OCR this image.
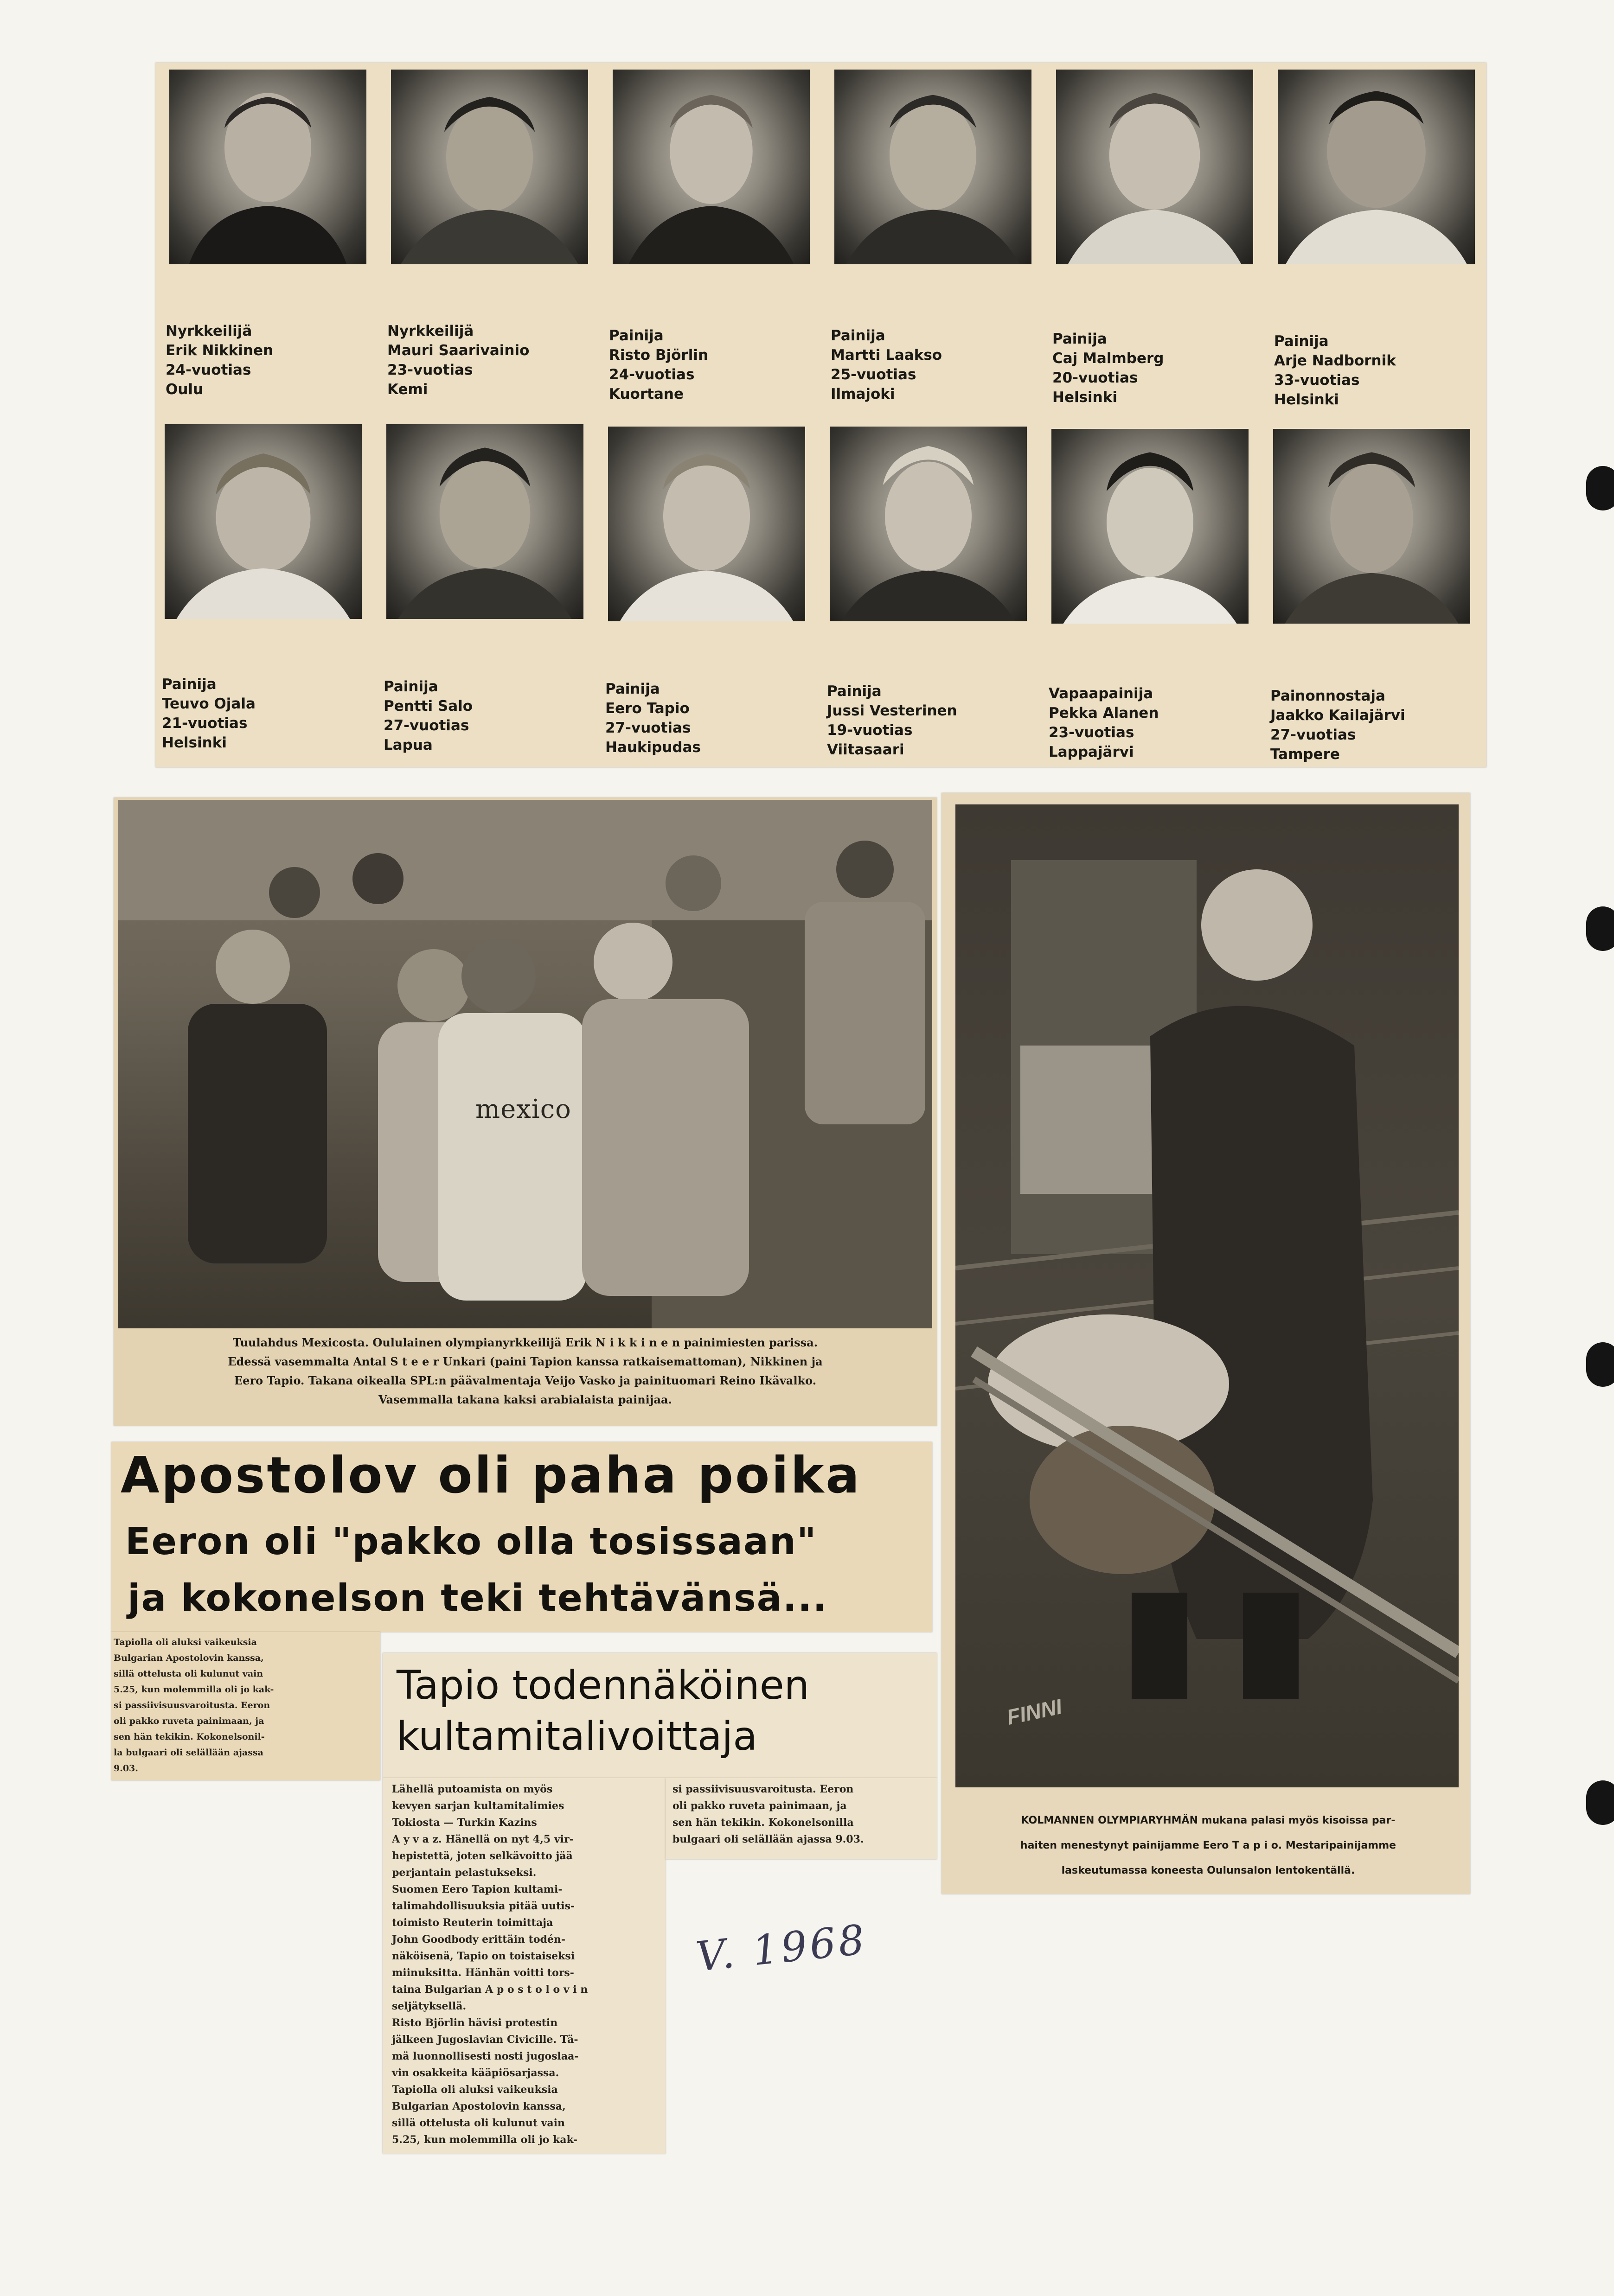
Nyrkkeilijä
Erik Nikkinen
24-vuotias
Oulu
Nyrkkeilijä
Mauri Saarivainio
23-vuotias
Kemi
Painija
Risto Björlin
24-vuotias
Kuortane
Painija
Martti Laakso
25-vuotias
Ilmajoki
Painija
Caj Malmberg
20-vuotias
Helsinki
Painija
Arje Nadbornik
33-vuotias
Helsinki
Painija
Teuvo Ojala
21-vuotias
Helsinki
Painija
Pentti Salo
27-vuotias
Lapua
Painija
Eero Tapio
27-vuotias
Haukipudas
Painija
Jussi Vesterinen
19-vuotias
Viitasaari
Vapaapainija
Pekka Alanen
23-vuotias
Lappajärvi
Painonnostaja
Jaakko Kailajärvi
27-vuotias
Tampere
mexico
Tuulahdus Mexicosta. Oululainen olympianyrkkeilijä Erik N i k k i n e n painimiesten parissa.
Edessä vasemmalta Antal S t e e r Unkari (paini Tapion kanssa ratkaisemattoman), Nikkinen ja
Eero Tapio. Takana oikealla SPL:n päävalmentaja Veijo Vasko ja painituomari Reino Ikävalko.
Vasemmalla takana kaksi arabialaista painijaa.
FINNI
KOLMANNEN OLYMPIARYHMÄN mukana palasi myös kisoissa par-
haiten menestynyt painijamme Eero T a p i o. Mestaripainijamme
laskeutumassa koneesta Oulunsalon lentokentällä.
Apostolov oli paha poika
Eeron oli "pakko olla tosissaan"
ja kokonelson teki tehtävänsä...

Tapiolla oli aluksi vaikeuksia

Bulgarian Apostolovin kanssa,

sillä ottelusta oli kulunut vain

5.25, kun molemmilla oli jo kak-

si passiivisuusvaroitusta. Eeron

oli pakko ruveta painimaan, ja

sen hän tekikin. Kokonelsonil-

la bulgaari oli selällään ajassa

9.03.

Tapio todennäköinen
kultamitalivoittaja

Lähellä putoamista on myös

kevyen sarjan kultamitalimies

Tokiosta — Turkin Kazins

A y v a z. Hänellä on nyt 4,5 vir-

hepistettä, joten selkävoitto jää

perjantain pelastukseksi.

Suomen Eero Tapion kultami-

talimahdollisuuksia pitää uutis-

toimisto Reuterin toimittaja

John Goodbody erittäin todén-

näköisenä, Tapio on toistaiseksi

miinuksitta. Hänhän voitti tors-

taina Bulgarian A p o s t o l o v i n

seljätyksellä.

Risto Björlin hävisi protestin

jälkeen Jugoslavian Civicille. Tä-

mä luonnollisesti nosti jugoslaa-

vin osakkeita kääpiösarjassa.

Tapiolla oli aluksi vaikeuksia

Bulgarian Apostolovin kanssa,

sillä ottelusta oli kulunut vain

5.25, kun molemmilla oli jo kak-

si passiivisuusvaroitusta. Eeron

oli pakko ruveta painimaan, ja

sen hän tekikin. Kokonelsonilla

bulgaari oli selällään ajassa 9.03.

V. 1968
